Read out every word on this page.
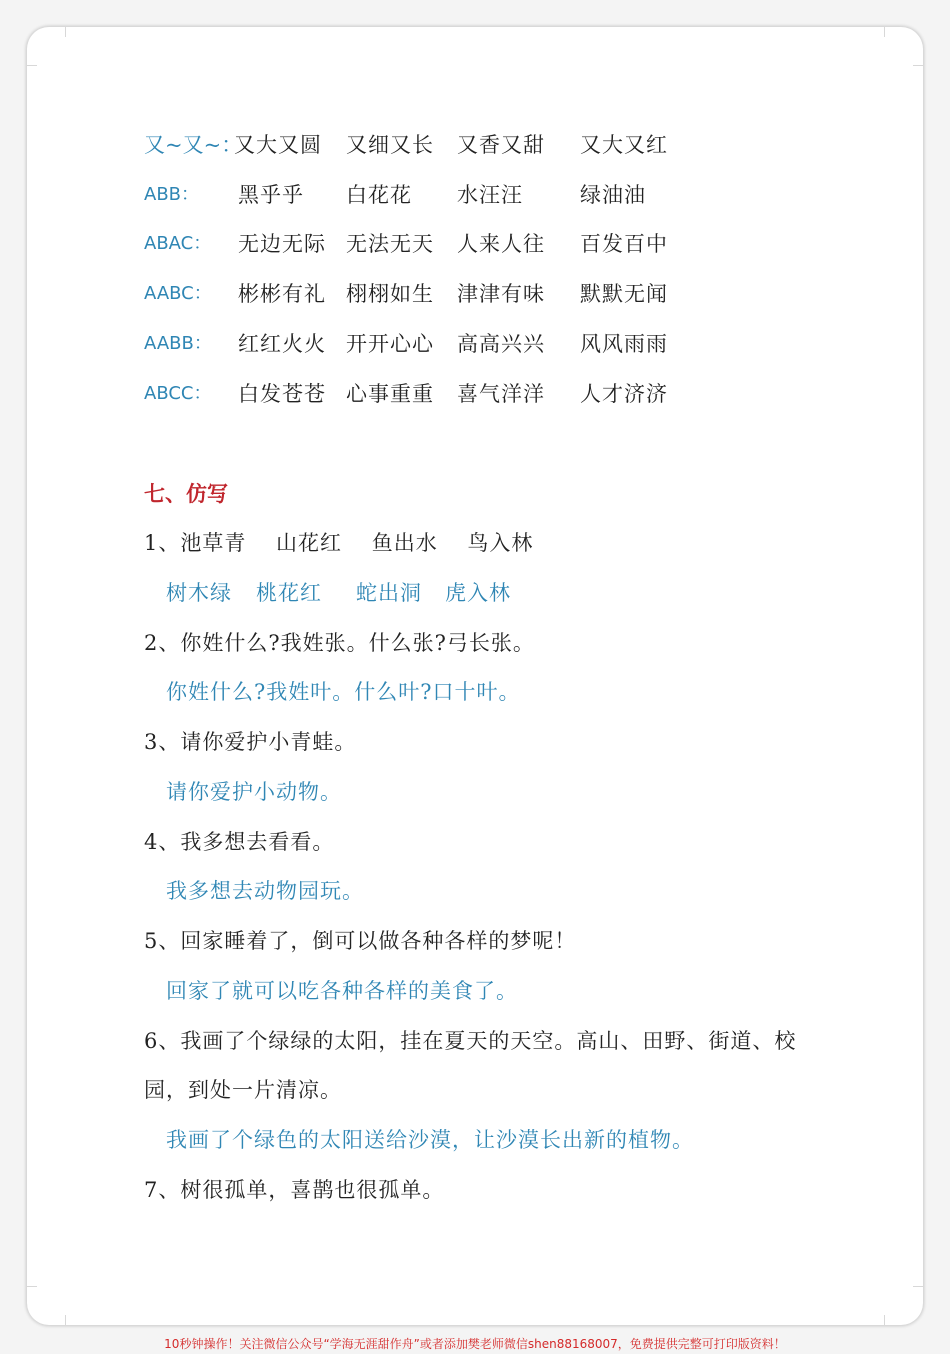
又~又~：
又大又圆 又细又长 又香又甜 又大又红
ABB： 黑乎乎 白花花 水汪汪	绿油油
ABAC： 无边无际 无法无天 人来人往 百发百中
AABC： 彬彬有礼 栩栩如生 津津有味 默默无闻
AABB： 红红火火 开开心心 高高兴兴 风风雨雨
ABCC： 白发苍苍 心事重重 喜气洋洋 人才济济
七、仿写
1、池草青　 山花红　 鱼出水　 鸟入林
树木绿 桃花红 蛇出洞 虎入林
2、你姓什么?我姓张。什么张?弓长张。
你姓什么?我姓叶。什么叶?口十叶。
3、请你爱护小青蛙。
请你爱护小动物。
4、我多想去看看。
我多想去动物园玩。
5、回家睡着了，倒可以做各种各样的梦呢！
回家了就可以吃各种各样的美食了。
6、我画了个绿绿的太阳，挂在夏天的天空。高山、田野、街道、校
园，到处一片清凉。
我画了个绿色的太阳送给沙漠，让沙漠长出新的植物。
7、树很孤单，喜鹊也很孤单。
10秒钟操作！关注微信公众号“学海无涯甜作舟”或者添加樊老师微信shen88168007，免费提供完整可打印版资料！
